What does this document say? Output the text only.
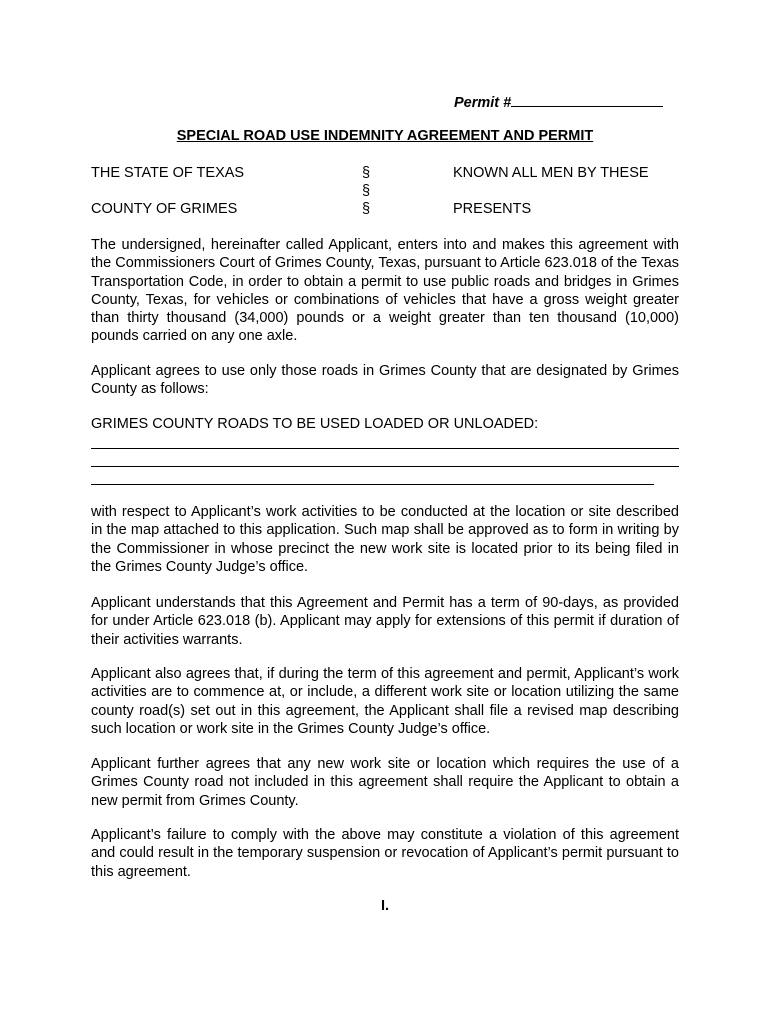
Permit #
SPECIAL ROAD USE INDEMNITY AGREEMENT AND PERMIT
THE STATE OF TEXAS	§	KNOWN ALL MEN BY THESE
§
COUNTY OF GRIMES	§	PRESENTS

The undersigned, hereinafter called Applicant, enters into and makes this agreement with the Commissioners Court of Grimes County, Texas, pursuant to Article 623.018 of the Texas Transportation Code, in order to obtain a permit to use public roads and bridges in Grimes County, Texas, for vehicles or combinations of vehicles that have a gross weight greater than thirty thousand (34,000) pounds or a weight greater than ten thousand (10,000) pounds carried on any one axle.

Applicant agrees to use only those roads in Grimes County that are designated by Grimes County as follows:

GRIMES COUNTY ROADS TO BE USED LOADED OR UNLOADED:

with respect to Applicant’s work activities to be conducted at the location or site described in the map attached to this application. Such map shall be approved as to form in writing by the Commissioner in whose precinct the new work site is located prior to its being filed in the Grimes County Judge’s office.

Applicant understands that this Agreement and Permit has a term of 90-days, as provided for under Article 623.018 (b). Applicant may apply for extensions of this permit if duration of their activities warrants.

Applicant also agrees that, if during the term of this agreement and permit, Applicant’s work activities are to commence at, or include, a different work site or location utilizing the same county road(s) set out in this agreement, the Applicant shall file a revised map describing such location or work site in the Grimes County Judge’s office.

Applicant further agrees that any new work site or location which requires the use of a Grimes County road not included in this agreement shall require the Applicant to obtain a new permit from Grimes County.

Applicant’s failure to comply with the above may constitute a violation of this agreement and could result in the temporary suspension or revocation of Applicant’s permit pursuant to this agreement.

I.
